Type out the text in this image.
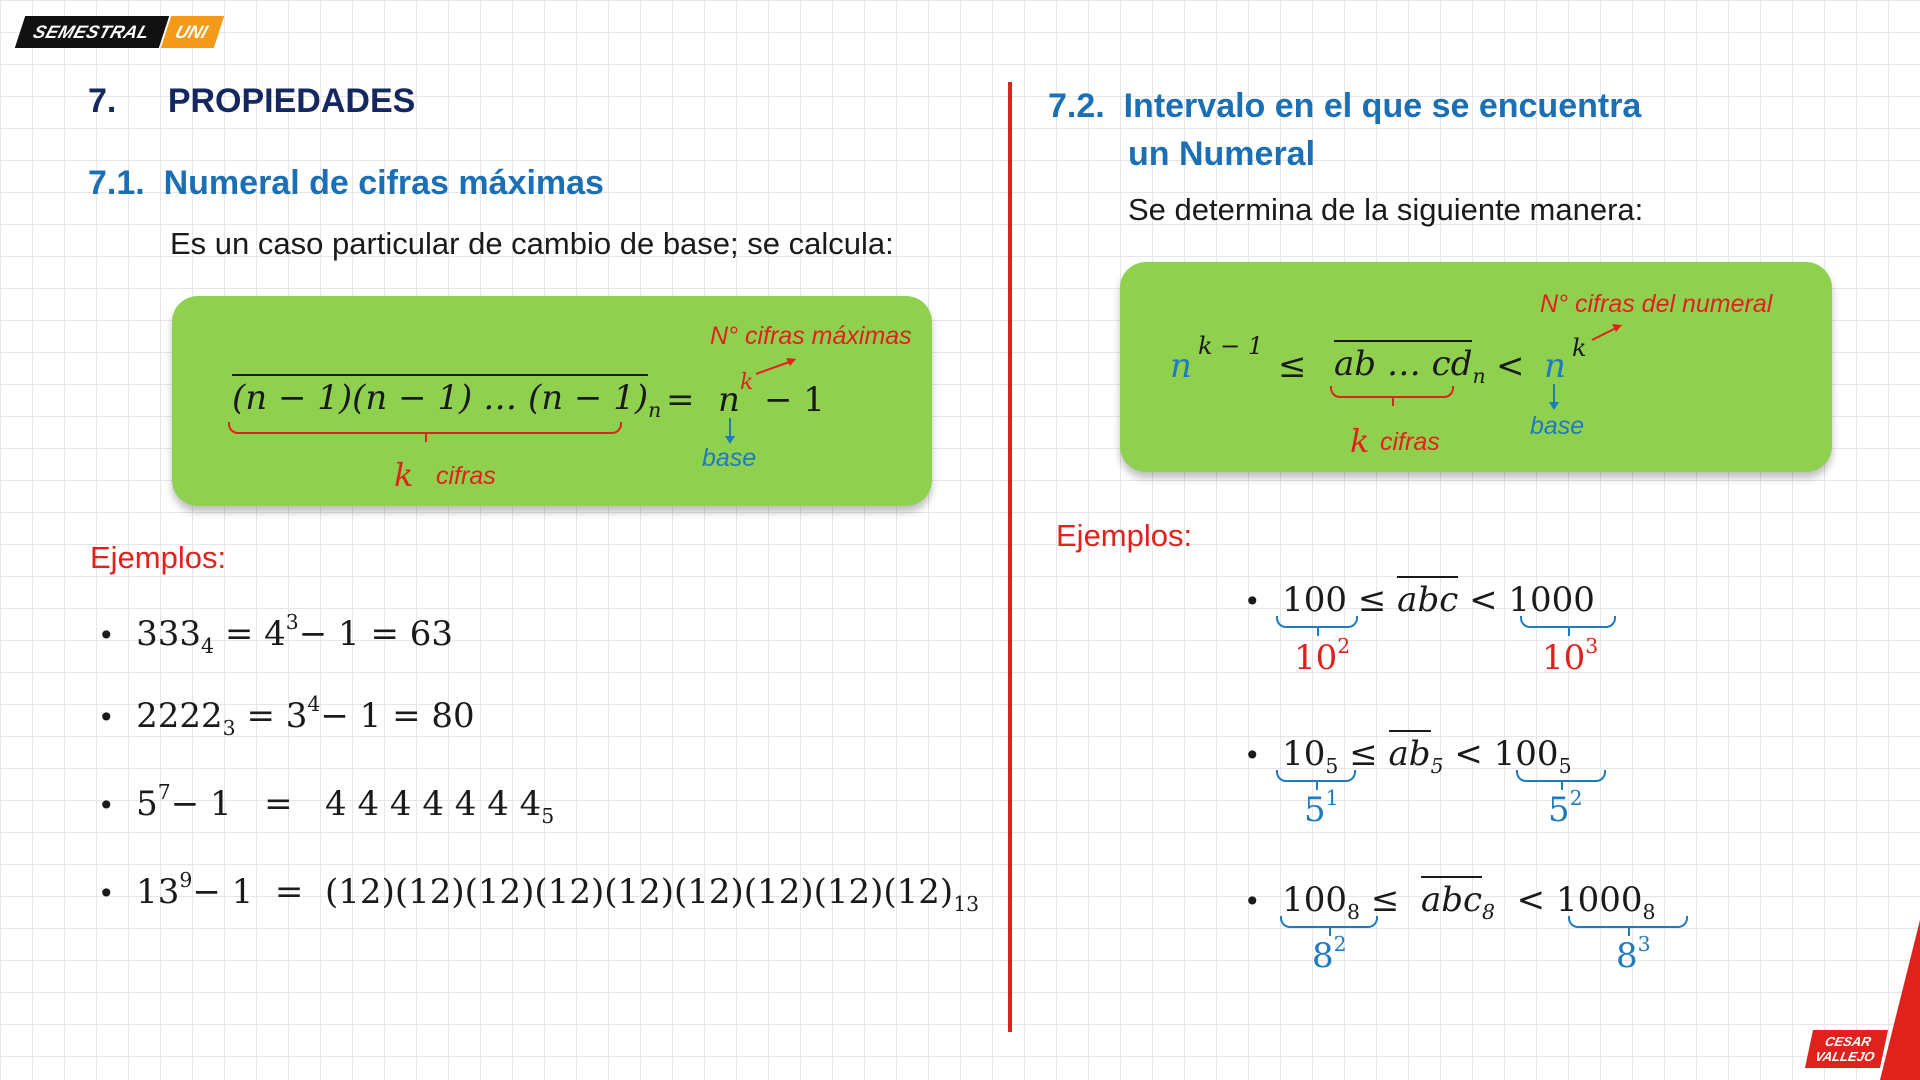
SEMESTRAL	UNI
7. PROPIEDADES
7.1.  Numeral de cifras máximas
Es un caso particular de cambio de base; se calcula:
(n − 1)(n − 1) … $(n - 1)_n = n$ k − 1
N° cifras máximas
base
k cifras
Ejemplos:
• $333_4 = 4^3- 1 = 63$
• $2222_3 = 3^4- 1 = 80$
• $5^7- 1 = 4$ 4 4 4 4 4 $4_5$
• $13^9- 1 = (12)(12)(12)(12)(12)(12)(12)(12)(12)_{13}$
7.2.  Intervalo en el que se encuentra
un Numeral
Se determina de la siguiente manera:
n k − 1 ≤ ab … $cd_n < n$ k
N° cifras del numeral
base
k cifras
Ejemplos:
• 100 ≤ abc < 1000
$10^2$	$10^3$
• $10_5 \le ab_5 < 100_5$
$5^1$	$5^2$
• $100_8 \le abc_8 < 1000_8$
$8^2$	$8^3$
CESAR
VALLEJO
